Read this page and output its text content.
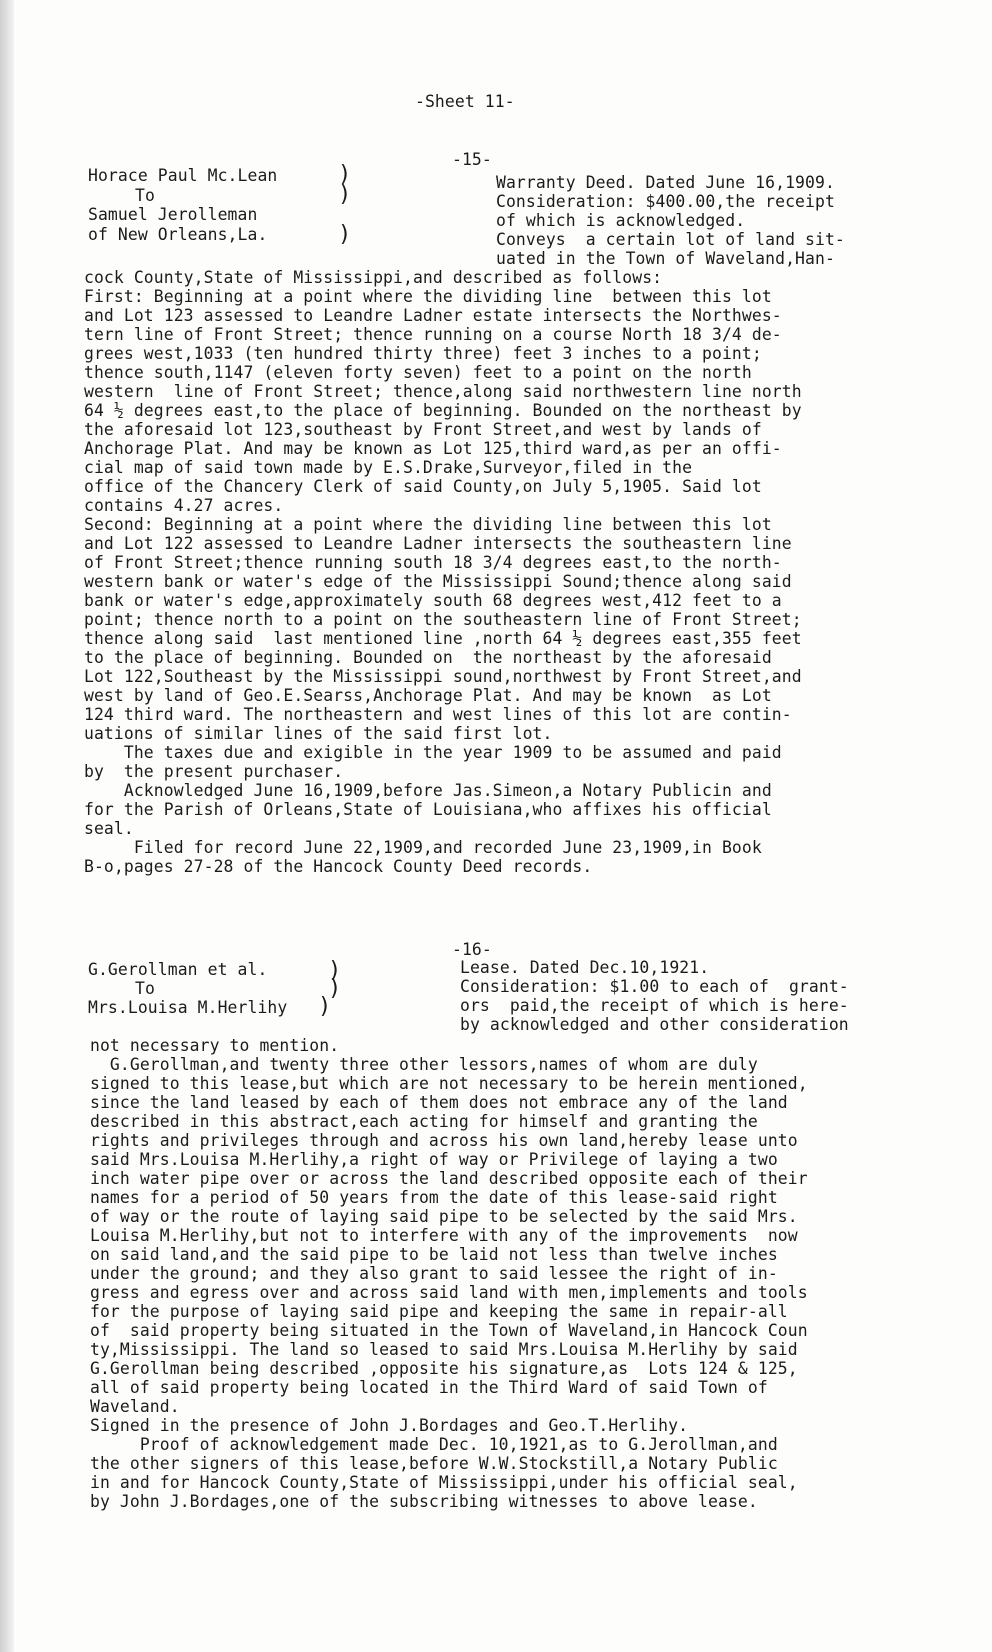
-Sheet 11-
-15-
Horace Paul Mc.Lean
To
Samuel Jerolleman
of New Orleans,La.
)
)
)
Warranty Deed. Dated June 16,1909.
Consideration: $400.00,the receipt
of which is acknowledged.
Conveys  a certain lot of land sit-
uated in the Town of Waveland,Han-
cock County,State of Mississippi,and described as follows:
First: Beginning at a point where the dividing line  between this lot
and Lot 123 assessed to Leandre Ladner estate intersects the Northwes-
tern line of Front Street; thence running on a course North 18 3/4 de-
grees west,1033 (ten hundred thirty three) feet 3 inches to a point;
thence south,1147 (eleven forty seven) feet to a point on the north
western  line of Front Street; thence,along said northwestern line north
64 ½ degrees east,to the place of beginning. Bounded on the northeast by
the aforesaid lot 123,southeast by Front Street,and west by lands of
Anchorage Plat. And may be known as Lot 125,third ward,as per an offi-
cial map of said town made by E.S.Drake,Surveyor,filed in the
office of the Chancery Clerk of said County,on July 5,1905. Said lot
contains 4.27 acres.
Second: Beginning at a point where the dividing line between this lot
and Lot 122 assessed to Leandre Ladner intersects the southeastern line
of Front Street;thence running south 18 3/4 degrees east,to the north-
western bank or water's edge of the Mississippi Sound;thence along said
bank or water's edge,approximately south 68 degrees west,412 feet to a
point; thence north to a point on the southeastern line of Front Street;
thence along said  last mentioned line ,north 64 ½ degrees east,355 feet
to the place of beginning. Bounded on  the northeast by the aforesaid
Lot 122,Southeast by the Mississippi sound,northwest by Front Street,and
west by land of Geo.E.Searss,Anchorage Plat. And may be known  as Lot
124 third ward. The northeastern and west lines of this lot are contin-
uations of similar lines of the said first lot.
The taxes due and exigible in the year 1909 to be assumed and paid
by  the present purchaser.
Acknowledged June 16,1909,before Jas.Simeon,a Notary Publicin and
for the Parish of Orleans,State of Louisiana,who affixes his official
seal.
Filed for record June 22,1909,and recorded June 23,1909,in Book
B-o,pages 27-28 of the Hancock County Deed records.
-16-
G.Gerollman et al.
To
Mrs.Louisa M.Herlihy
)
)
)
Lease. Dated Dec.10,1921.
Consideration: $1.00 to each of  grant-
ors  paid,the receipt of which is here-
by acknowledged and other consideration
not necessary to mention.
G.Gerollman,and twenty three other lessors,names of whom are duly
signed to this lease,but which are not necessary to be herein mentioned,
since the land leased by each of them does not embrace any of the land
described in this abstract,each acting for himself and granting the
rights and privileges through and across his own land,hereby lease unto
said Mrs.Louisa M.Herlihy,a right of way or Privilege of laying a two
inch water pipe over or across the land described opposite each of their
names for a period of 50 years from the date of this lease-said right
of way or the route of laying said pipe to be selected by the said Mrs.
Louisa M.Herlihy,but not to interfere with any of the improvements  now
on said land,and the said pipe to be laid not less than twelve inches
under the ground; and they also grant to said lessee the right of in-
gress and egress over and across said land with men,implements and tools
for the purpose of laying said pipe and keeping the same in repair-all
of  said property being situated in the Town of Waveland,in Hancock Coun
ty,Mississippi. The land so leased to said Mrs.Louisa M.Herlihy by said
G.Gerollman being described ,opposite his signature,as  Lots 124 & 125,
all of said property being located in the Third Ward of said Town of
Waveland.
Signed in the presence of John J.Bordages and Geo.T.Herlihy.
Proof of acknowledgement made Dec. 10,1921,as to G.Jerollman,and
the other signers of this lease,before W.W.Stockstill,a Notary Public
in and for Hancock County,State of Mississippi,under his official seal,
by John J.Bordages,one of the subscribing witnesses to above lease.
